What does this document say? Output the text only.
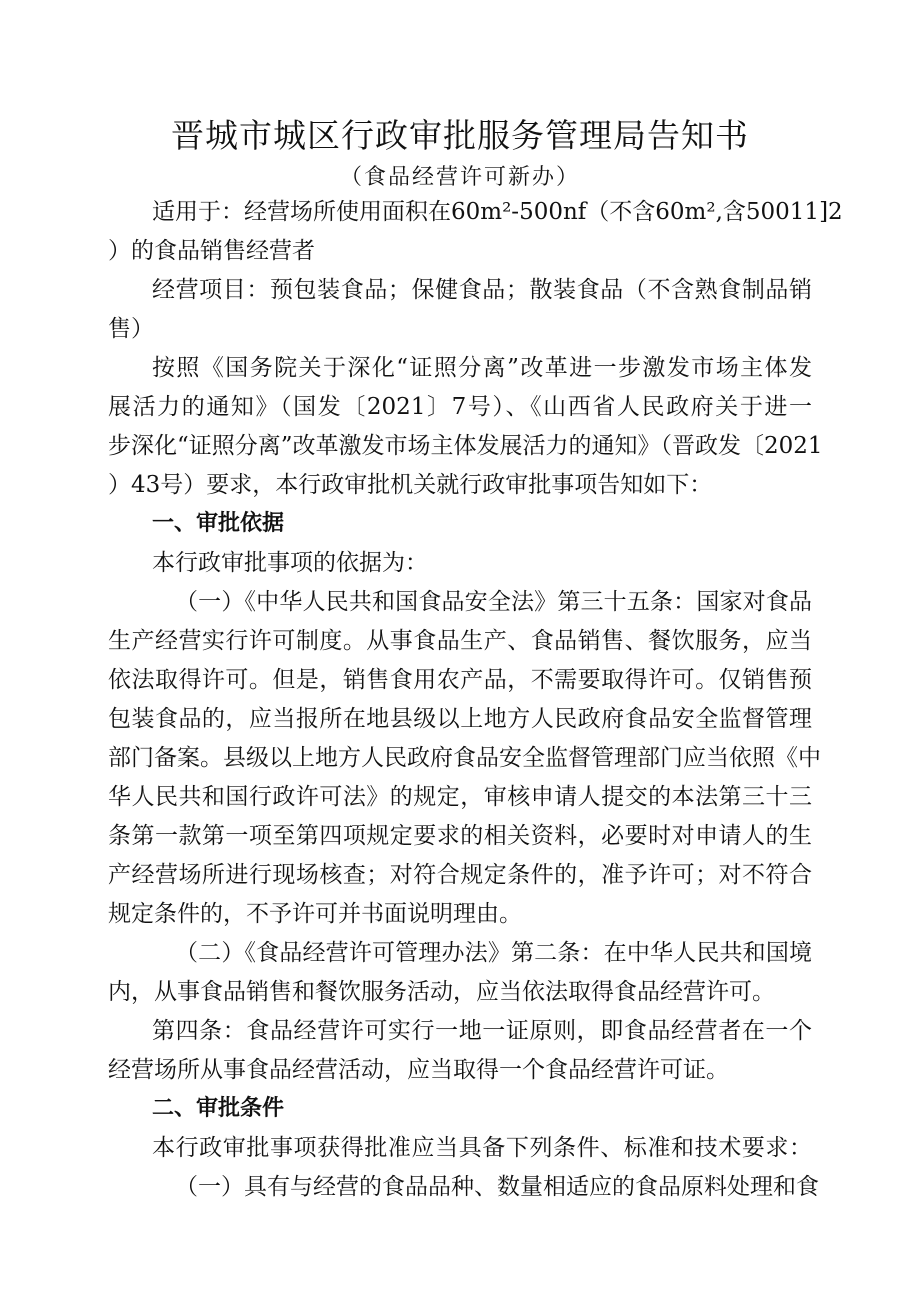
晋城市城区行政审批服务管理局告知书
（食品经营许可新办）
适用于：经营场所使用面积在60m²-500nf（不含60m²,含50011]2
）的食品销售经营者
经营项目：预包装食品；保健食品；散装食品（不含熟食制品销
售）
按照《国务院关于深化“证照分离”改革进一步激发市场主体发
展活力的通知》（国发〔2021〕7号）、《山西省人民政府关于进一
步深化“证照分离”改革激发市场主体发展活力的通知》（晋政发〔2021
）43号）要求，本行政审批机关就行政审批事项告知如下：
一、审批依据
本行政审批事项的依据为：
（一）《中华人民共和国食品安全法》第三十五条：国家对食品
生产经营实行许可制度。从事食品生产、食品销售、餐饮服务，应当
依法取得许可。但是，销售食用农产品，不需要取得许可。仅销售预
包装食品的，应当报所在地县级以上地方人民政府食品安全监督管理
部门备案。县级以上地方人民政府食品安全监督管理部门应当依照《中
华人民共和国行政许可法》的规定，审核申请人提交的本法第三十三
条第一款第一项至第四项规定要求的相关资料，必要时对申请人的生
产经营场所进行现场核查；对符合规定条件的，准予许可；对不符合
规定条件的，不予许可并书面说明理由。
（二）《食品经营许可管理办法》第二条：在中华人民共和国境
内，从事食品销售和餐饮服务活动，应当依法取得食品经营许可。
第四条：食品经营许可实行一地一证原则，即食品经营者在一个
经营场所从事食品经营活动，应当取得一个食品经营许可证。
二、审批条件
本行政审批事项获得批准应当具备下列条件、标准和技术要求：
（一）具有与经营的食品品种、数量相适应的食品原料处理和食
